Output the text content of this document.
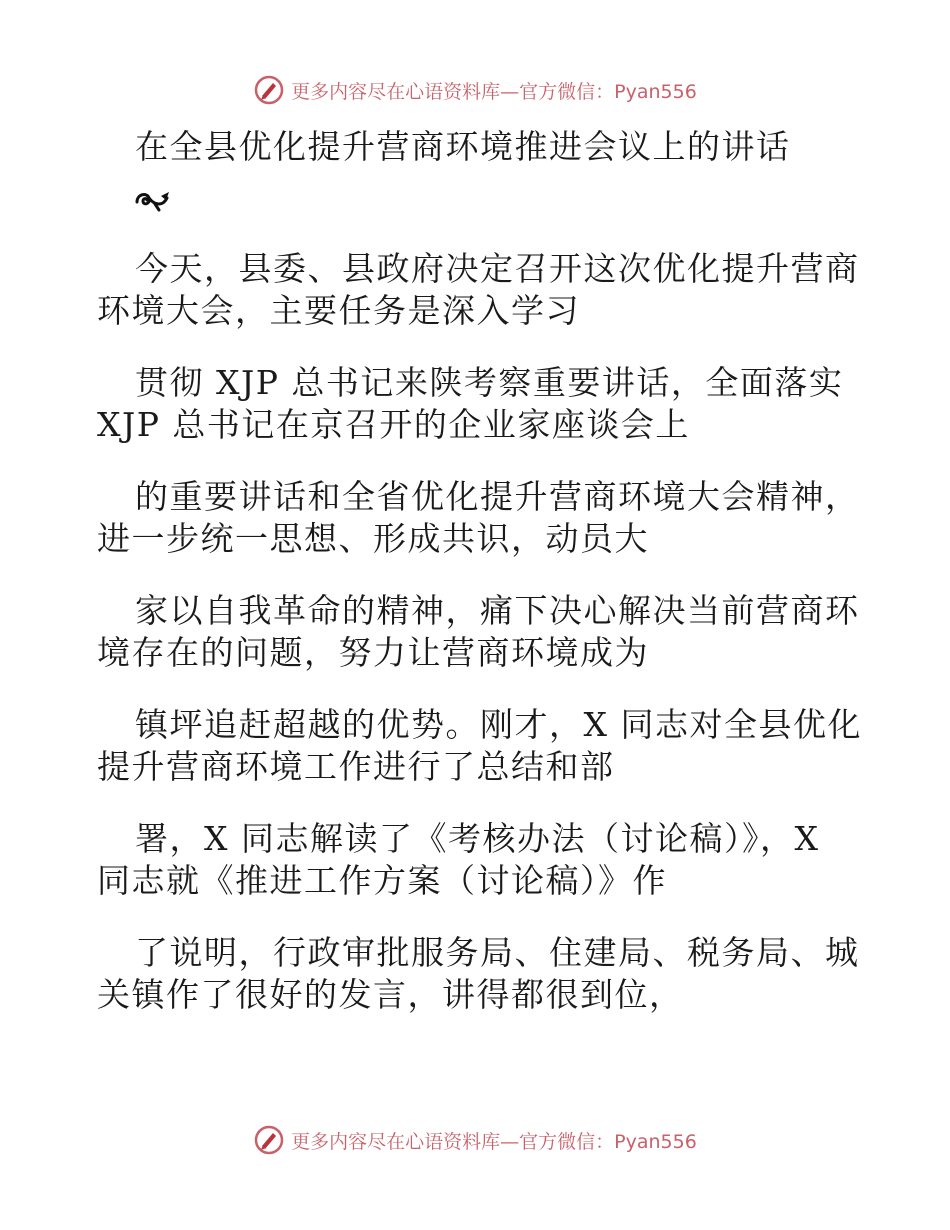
更多内容尽在心语资料库—官方微信：Pyan556
在全县优化提升营商环境推进会议上的讲话
今天，县委、县政府决定召开这次优化提升营商
环境大会，主要任务是深入学习
贯彻 XJP 总书记来陕考察重要讲话，全面落实
XJP 总书记在京召开的企业家座谈会上
的重要讲话和全省优化提升营商环境大会精神，
进一步统一思想、形成共识，动员大
家以自我革命的精神，痛下决心解决当前营商环
境存在的问题，努力让营商环境成为
镇坪追赶超越的优势。刚才，X 同志对全县优化
提升营商环境工作进行了总结和部
署，X 同志解读了《考核办法（讨论稿）》，X
同志就《推进工作方案（讨论稿）》作
了说明，行政审批服务局、住建局、税务局、城
关镇作了很好的发言，讲得都很到位，
更多内容尽在心语资料库—官方微信：Pyan556
